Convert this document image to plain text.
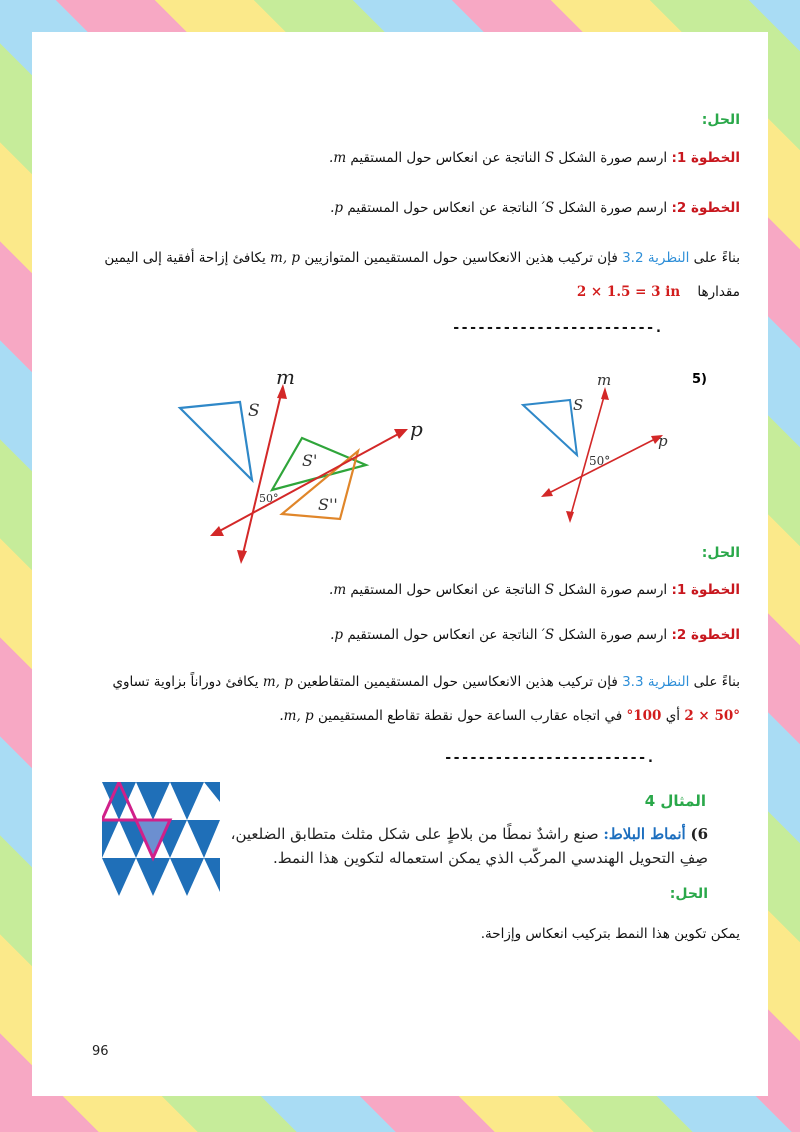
الحل:
الخطوة 1: ارسم صورة الشكل S الناتجة عن انعكاس حول المستقيم m.
الخطوة 2: ارسم صورة الشكل S′ الناتجة عن انعكاس حول المستقيم p.
بناءً على النظرية 3.2 فإن تركيب هذين الانعكاسين حول المستقيمين المتوازيين m, p يكافئ إزاحة أفقية إلى اليمين
مقدارها    2 × 1.5 = 3 in
------------------------.
5)
m
S
50°
p
m
S
S'
S''
50°
p
الحل:
الخطوة 1: ارسم صورة الشكل S الناتجة عن انعكاس حول المستقيم m.
الخطوة 2: ارسم صورة الشكل S′ الناتجة عن انعكاس حول المستقيم p.
بناءً على النظرية 3.3 فإن تركيب هذين الانعكاسين حول المستقيمين المتقاطعين m, p يكافئ دوراناً بزاوية تساوي
2 × 50° أي 100° في اتجاه عقارب الساعة حول نقطة تقاطع المستقيمين m, p.
------------------------.
المثال 4
6) أنماط البلاط: صنع راشدٌ نمطًا من بلاطٍ على شكل مثلث متطابق الضلعين،
صِفِ التحويل الهندسي المركّب الذي يمكن استعماله لتكوين هذا النمط.
الحل:
يمكن تكوين هذا النمط بتركيب انعكاس وإزاحة.
96
